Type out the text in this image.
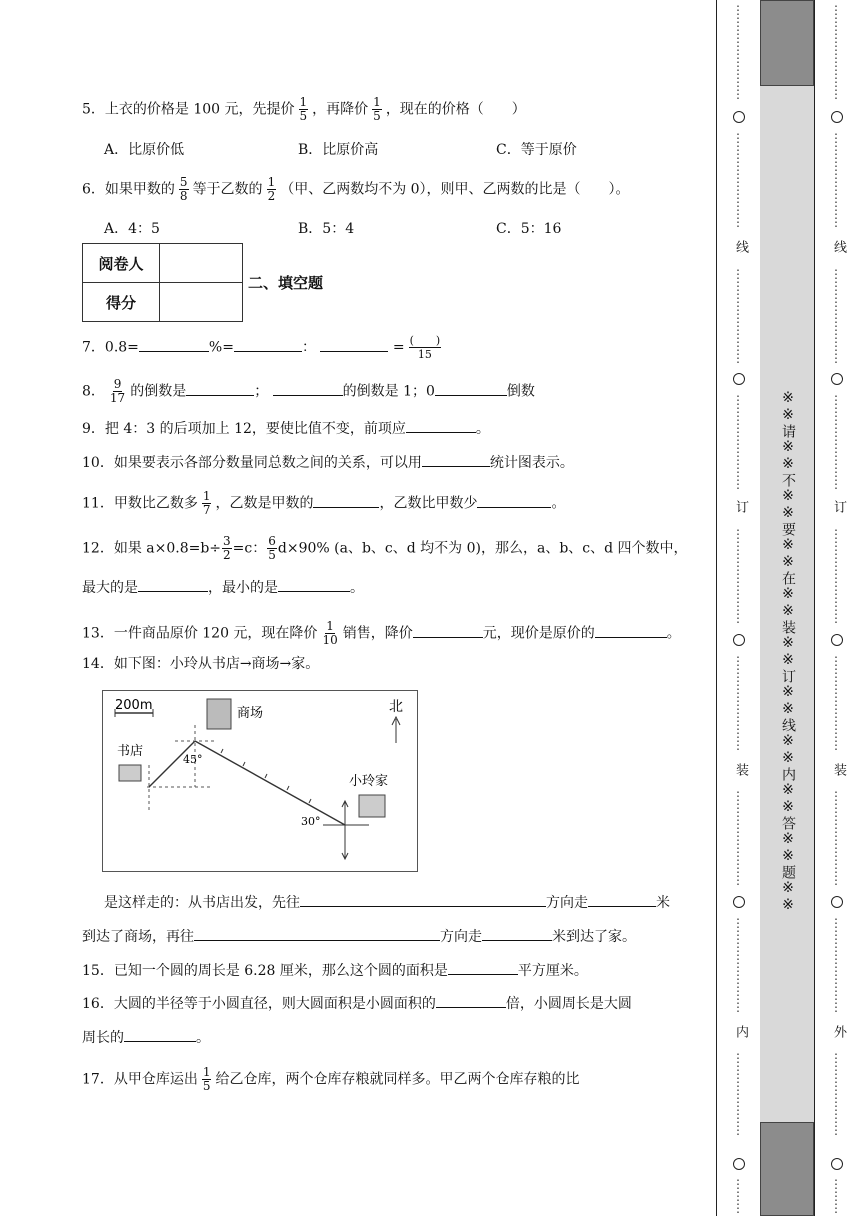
5．上衣的价格是 100 元，先提价 $\frac{1}{5}$ ，再降价 $\frac{1}{5}$ ，现在的价格（　　）
A．比原价低	B．比原价高	C．等于原价
6．如果甲数的 $\frac{5}{8}$ 等于乙数的 $\frac{1}{2}$ （甲、乙两数均不为 0），则甲、乙两数的比是（　　）。
A．4：5	B．5：4	C．5：16
阅卷人	
得分	
二、填空题
7．0.8=	%=	：	= $\frac{( )}{15}$
8． $\frac{9}{17}$ 的倒数是	；	的倒数是 1；0	倒数
9．把 4：3 的后项加上 12，要使比值不变，前项应	。
10．如果要表示各部分数量同总数之间的关系，可以用	统计图表示。
11．甲数比乙数多 $\frac{1}{7}$ ，乙数是甲数的	，乙数比甲数少	。
12．如果 $a\times 0.8=b\div \frac{3}{2} =c$： $\frac{6}{5} d\times 90\%$ (a、b、c、d 均不为 0)，那么，a、b、c、d 四个数中，
最大的是	，最小的是	。
13．一件商品原价 120 元，现在降价 $\frac{1}{10}$ 销售，降价	元，现价是原价的	。
14．如下图：小玲从书店→商场→家。
200m	北
书店
商场
小玲家
45°
30°
是这样走的：从书店出发，先往	方向走	米
到达了商场，再往	方向走	米到达了家。
15．已知一个圆的周长是 6.28 厘米，那么这个圆的面积是	平方厘米。
16．大圆的半径等于小圆直径，则大圆面积是小圆面积的	倍，小圆周长是大圆
周长的	。
17．从甲仓库运出 $\frac{1}{5}$ 给乙仓库，两个仓库存粮就同样多。甲乙两个仓库存粮的比
※※请※※不※※要※※在※※装※※订※※线※※内※※答※※题※※
⋮
⋮
⋮
⋮
⋮
⋮
⋮
⋮
⋮
⋮
⋮
⋮
⋮
⋮
⋮
⋮
线
⋮
⋮
⋮
⋮
⋮
⋮
⋮
⋮
⋮
⋮
⋮
⋮
⋮
⋮
⋮
⋮
订
⋮
⋮
⋮
⋮
⋮
⋮
⋮
⋮
⋮
⋮
⋮
⋮
⋮
⋮
⋮
⋮
装
⋮
⋮
⋮
⋮
⋮
⋮
⋮
⋮
⋮
⋮
⋮
⋮
⋮
⋮
⋮
⋮
内
⋮
⋮
⋮
⋮
⋮
⋮
⋮
⋮
⋮
⋮
⋮
⋮
⋮
⋮
⋮
⋮
⋮
⋮
⋮
⋮
⋮
⋮
⋮
⋮
⋮
⋮
线
⋮
⋮
⋮
⋮
⋮
⋮
⋮
⋮
⋮
⋮
⋮
⋮
⋮
⋮
⋮
⋮
订
⋮
⋮
⋮
⋮
⋮
⋮
⋮
⋮
⋮
⋮
⋮
⋮
⋮
⋮
⋮
⋮
装
⋮
⋮
⋮
⋮
⋮
⋮
⋮
⋮
⋮
⋮
⋮
⋮
⋮
⋮
⋮
⋮
外
⋮
⋮
⋮
⋮
⋮
⋮
⋮
⋮
⋮
⋮
